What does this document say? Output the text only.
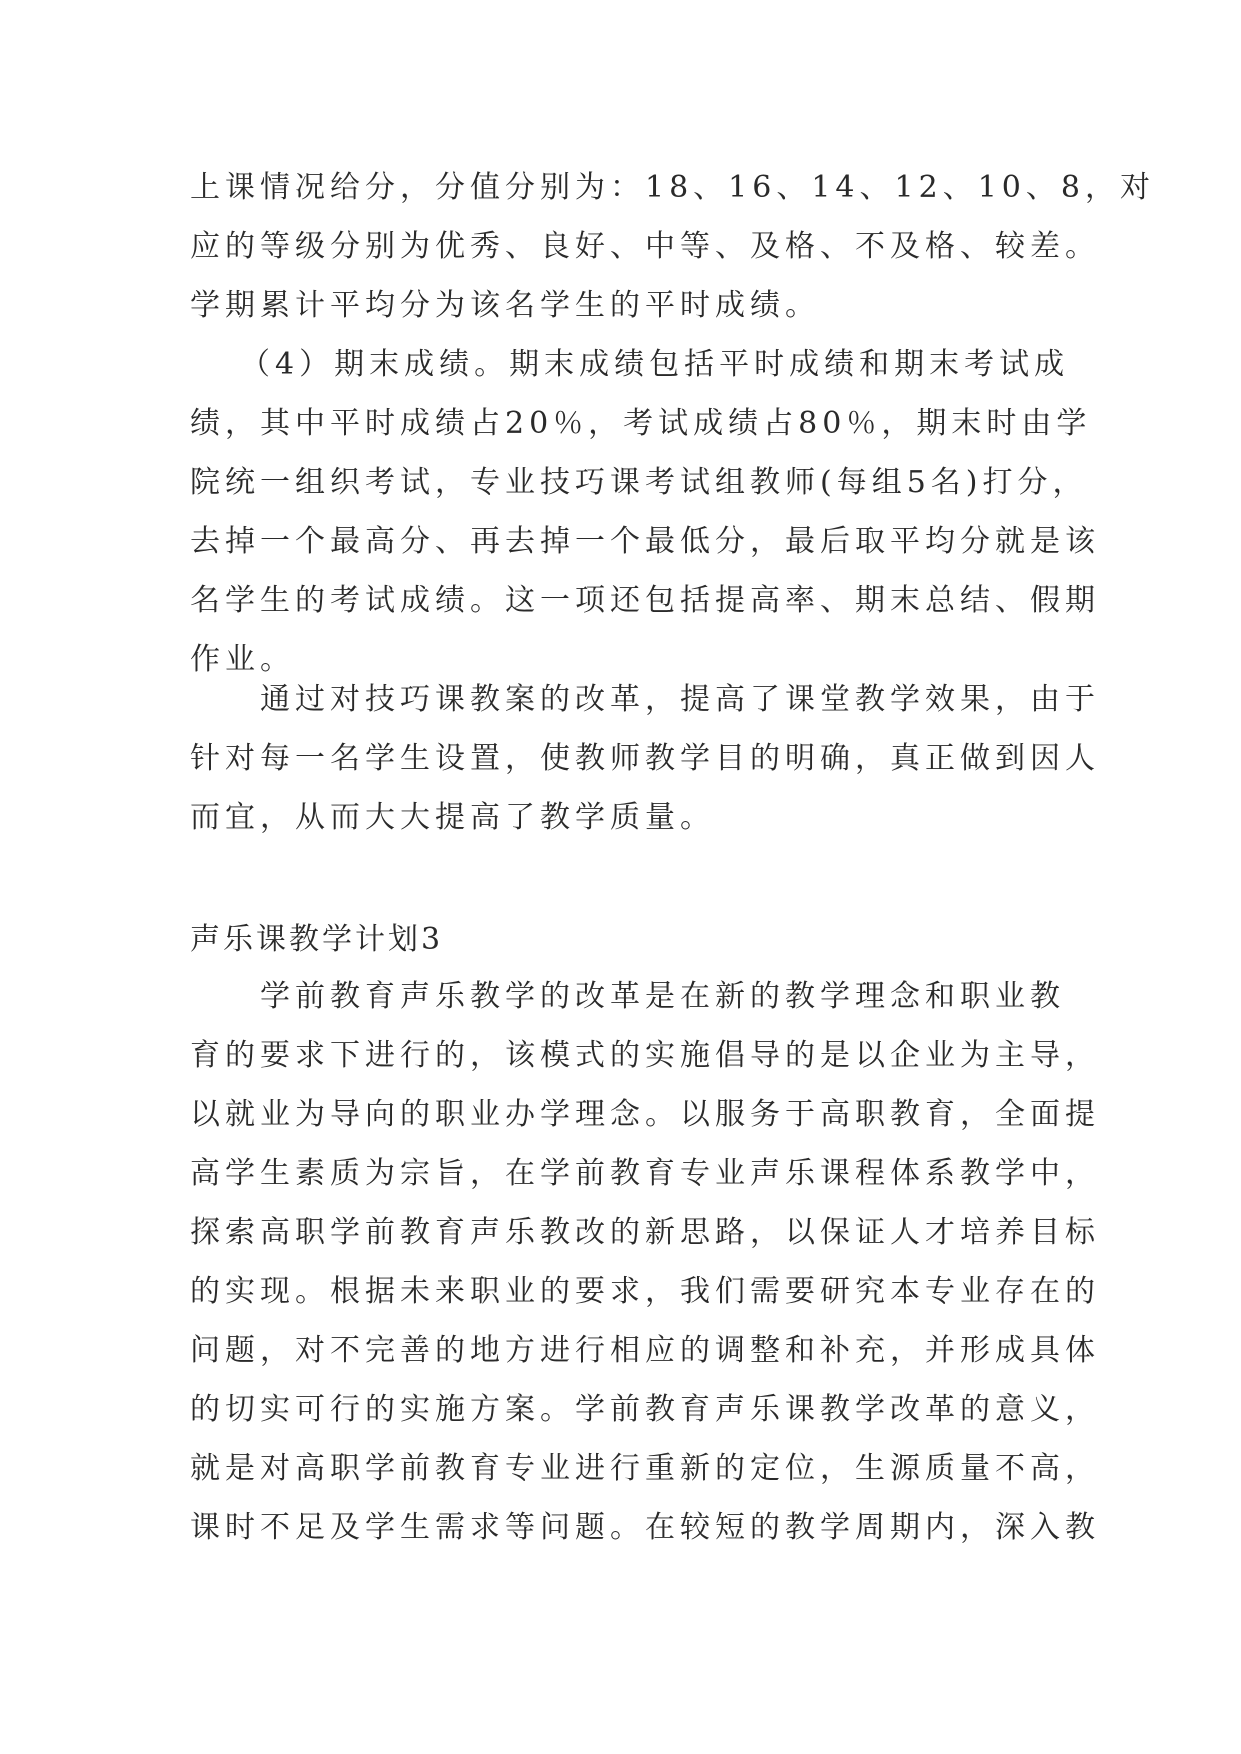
上课情况给分，分值分别为：18、16、14、12、10、8，对
应的等级分别为优秀、良好、中等、及格、不及格、较差。
学期累计平均分为该名学生的平时成绩。
（4）期末成绩。期末成绩包括平时成绩和期末考试成
绩，其中平时成绩占20％，考试成绩占80％，期末时由学
院统一组织考试，专业技巧课考试组教师(每组5名)打分，
去掉一个最高分、再去掉一个最低分，最后取平均分就是该
名学生的考试成绩。这一项还包括提高率、期末总结、假期
作业。
通过对技巧课教案的改革，提高了课堂教学效果，由于
针对每一名学生设置，使教师教学目的明确，真正做到因人
而宜，从而大大提高了教学质量。
声乐课教学计划3
学前教育声乐教学的改革是在新的教学理念和职业教
育的要求下进行的，该模式的实施倡导的是以企业为主导，
以就业为导向的职业办学理念。以服务于高职教育，全面提
高学生素质为宗旨，在学前教育专业声乐课程体系教学中，
探索高职学前教育声乐教改的新思路，以保证人才培养目标
的实现。根据未来职业的要求，我们需要研究本专业存在的
问题，对不完善的地方进行相应的调整和补充，并形成具体
的切实可行的实施方案。学前教育声乐课教学改革的意义，
就是对高职学前教育专业进行重新的定位，生源质量不高，
课时不足及学生需求等问题。在较短的教学周期内，深入教
